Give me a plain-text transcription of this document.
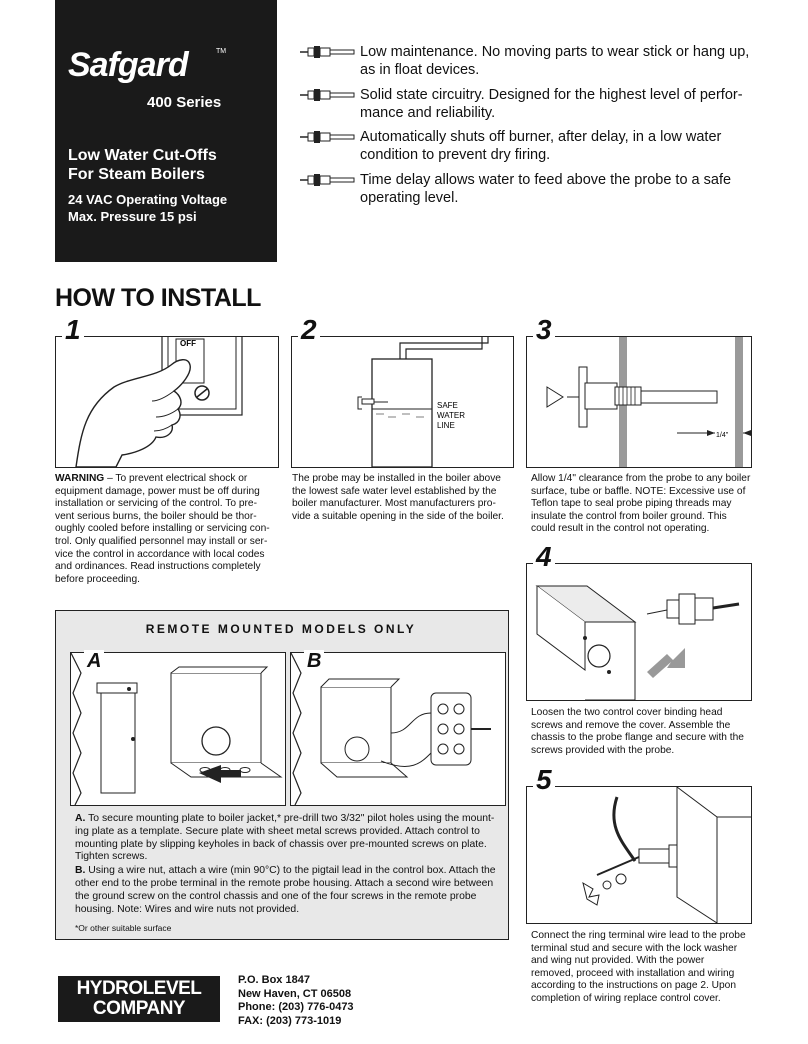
Safgard	TM
400 Series
Low Water Cut-Offs
For Steam Boilers
24 VAC Operating Voltage
Max. Pressure 15 psi
Low maintenance. No moving parts to wear stick or hang up,
as in float devices.
Solid state circuitry. Designed for the highest level of perfor-
mance and reliability.
Automatically shuts off burner, after delay, in a low water
condition to prevent dry firing.
Time delay allows water to feed above the probe to a safe
operating level.
HOW TO INSTALL
OFF
1
WARNING – To prevent electrical shock or
equipment damage, power must be off during
installation or servicing of the control. To pre-
vent serious burns, the boiler should be thor-
oughly cooled before installing or servicing con-
trol. Only qualified personnel may install or ser-
vice the control in accordance with local codes
and ordinances. Read instructions completely
before proceeding.
SAFE
WATER
LINE
2
The probe may be installed in the boiler above
the lowest safe water level established by the
boiler manufacturer. Most manufacturers pro-
vide a suitable opening in the side of the boiler.
1/4"
3
Allow 1/4" clearance from the probe to any boiler
surface, tube or baffle. NOTE: Excessive use of
Teflon tape to seal probe piping threads may
insulate the control from boiler ground. This
could result in the control not operating.
4
Loosen the two control cover binding head
screws and remove the cover. Assemble the
chassis to the probe flange and secure with the
screws provided with the probe.
5
Connect the ring terminal wire lead to the probe
terminal stud and secure with the lock washer
and wing nut provided. With the power
removed, proceed with installation and wiring
according to the instructions on page 2. Upon
completion of wiring replace control cover.
REMOTE MOUNTED MODELS ONLY
A	B
A. To secure mounting plate to boiler jacket,* pre-drill two 3/32" pilot holes using the mount-
ing plate as a template. Secure plate with sheet metal screws provided. Attach control to
mounting plate by slipping keyholes in back of chassis over pre-mounted screws on plate.
Tighten screws.
B. Using a wire nut, attach a wire (min 90°C) to the pigtail lead in the control box. Attach the
other end to the probe terminal in the remote probe housing. Attach a second wire between
the ground screw on the control chassis and one of the four screws in the remote probe
housing. Note: Wires and wire nuts not provided.
*Or other suitable surface
HYDROLEVEL
COMPANY
P.O. Box 1847
New Haven, CT 06508
Phone: (203) 776-0473
FAX: (203) 773-1019
